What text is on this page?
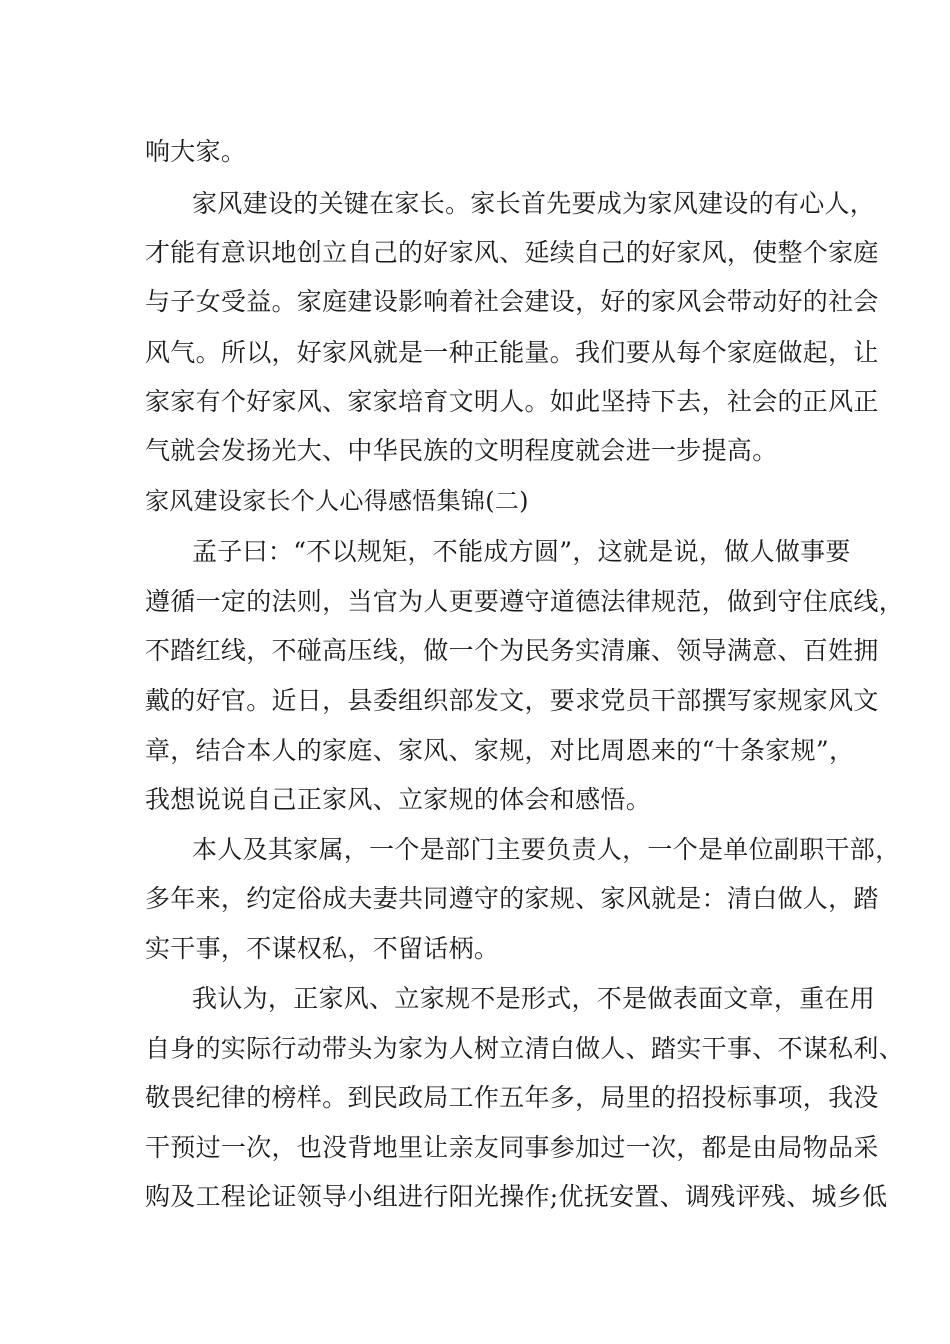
响大家。
家风建设的关键在家长。家长首先要成为家风建设的有心人，
才能有意识地创立自己的好家风、延续自己的好家风，使整个家庭
与子女受益。家庭建设影响着社会建设，好的家风会带动好的社会
风气。所以，好家风就是一种正能量。我们要从每个家庭做起，让
家家有个好家风、家家培育文明人。如此坚持下去，社会的正风正
气就会发扬光大、中华民族的文明程度就会进一步提高。
家风建设家长个人心得感悟集锦(二)
孟子曰：“不以规矩，不能成方圆”，这就是说，做人做事要
遵循一定的法则，当官为人更要遵守道德法律规范，做到守住底线，
不踏红线，不碰高压线，做一个为民务实清廉、领导满意、百姓拥
戴的好官。近日，县委组织部发文，要求党员干部撰写家规家风文
章，结合本人的家庭、家风、家规，对比周恩来的“十条家规”，
我想说说自己正家风、立家规的体会和感悟。
本人及其家属，一个是部门主要负责人，一个是单位副职干部，
多年来，约定俗成夫妻共同遵守的家规、家风就是：清白做人，踏
实干事，不谋权私，不留话柄。
我认为，正家风、立家规不是形式，不是做表面文章，重在用
自身的实际行动带头为家为人树立清白做人、踏实干事、不谋私利、
敬畏纪律的榜样。到民政局工作五年多，局里的招投标事项，我没
干预过一次，也没背地里让亲友同事参加过一次，都是由局物品采
购及工程论证领导小组进行阳光操作;优抚安置、调残评残、城乡低
